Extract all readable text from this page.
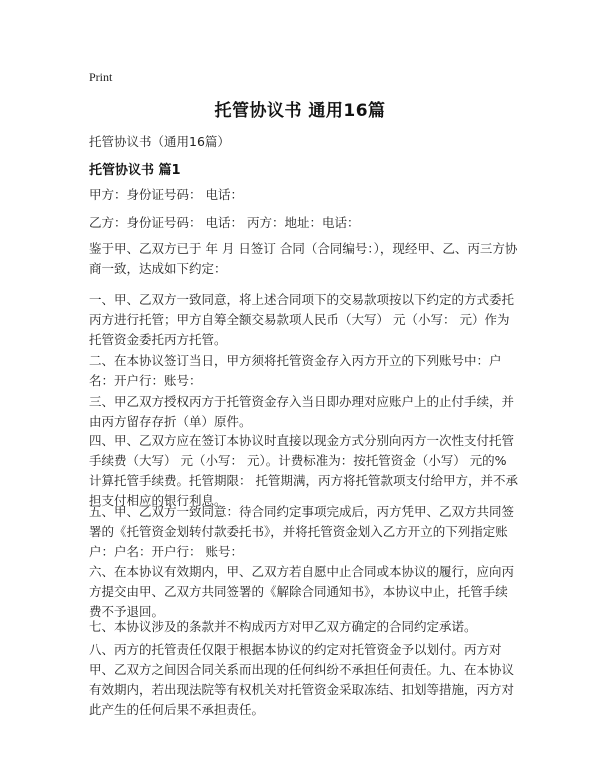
Print
托管协议书 通用16篇
托管协议书（通用16篇）
托管协议书 篇1
甲方：身份证号码： 电话：
乙方：身份证号码： 电话： 丙方：地址：电话：
鉴于甲、乙双方已于 年 月 日签订 合同（合同编号：），现经甲、乙、丙三方协商一致，达成如下约定：
一、甲、乙双方一致同意，将上述合同项下的交易款项按以下约定的方式委托丙方进行托管；甲方自筹全额交易款项人民币（大写） 元（小写： 元）作为托管资金委托丙方托管。
二、在本协议签订当日，甲方须将托管资金存入丙方开立的下列账号中：户名：开户行：账号：
三、甲乙双方授权丙方于托管资金存入当日即办理对应账户上的止付手续，并由丙方留存存折（单）原件。
四、甲、乙双方应在签订本协议时直接以现金方式分别向丙方一次性支付托管手续费（大写） 元（小写： 元）。计费标准为：按托管资金（小写） 元的%计算托管手续费。托管期限： 托管期满，丙方将托管款项支付给甲方，并不承担支付相应的银行利息。
五、甲、乙双方一致同意：待合同约定事项完成后，丙方凭甲、乙双方共同签署的《托管资金划转付款委托书》，并将托管资金划入乙方开立的下列指定账户：户名：开户行： 账号：
六、在本协议有效期内，甲、乙双方若自愿中止合同或本协议的履行，应向丙方提交由甲、乙双方共同签署的《解除合同通知书》，本协议中止，托管手续费不予退回。
七、本协议涉及的条款并不构成丙方对甲乙双方确定的合同约定承诺。
八、丙方的托管责任仅限于根据本协议的约定对托管资金予以划付。丙方对甲、乙双方之间因合同关系而出现的任何纠纷不承担任何责任。九、在本协议有效期内，若出现法院等有权机关对托管资金采取冻结、扣划等措施，丙方对此产生的任何后果不承担责任。
